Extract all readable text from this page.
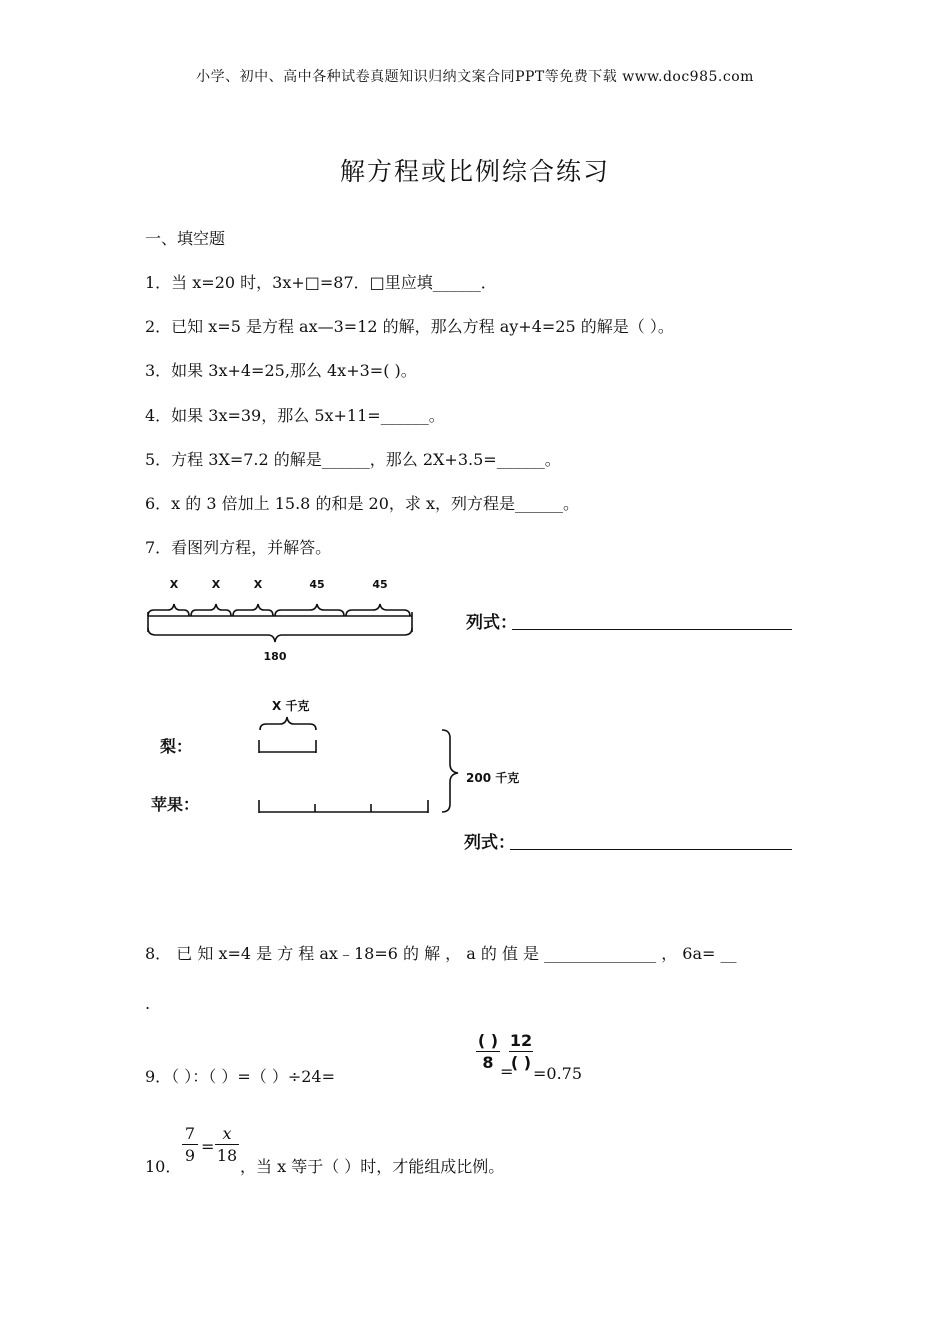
小学、初中、高中各种试卷真题知识归纳文案合同PPT等免费下载 www.doc985.com
解方程或比例综合练习
一、填空题
1．当 x=20 时，3x+□=87．□里应填______．
2．已知 x=5 是方程 ax—3=12 的解，那么方程 ay+4=25 的解是（ ）。
3．如果 3x+4=25,那么 4x+3=( )。
4．如果 3x=39，那么 5x+11=______。
5．方程 3X=7.2 的解是______，那么 2X+3.5=______。
6．x 的 3 倍加上 15.8 的和是 20，求 x，列方程是______。
7．看图列方程，并解答。
X	X	X	45	45
180
列式：
X 千克
梨：
苹果：
200 千克
列式：
8． 已 知 x=4 是 方 程 ax﹣18=6 的 解 ， a 的 值 是 ______________ ， 6a= __
.
9．（ ）：（ ）=（ ）÷24=
( )
8 =
12
( )
=0.75
10．
7
9 =
x
18
，当 x 等于（ ）时，才能组成比例。
